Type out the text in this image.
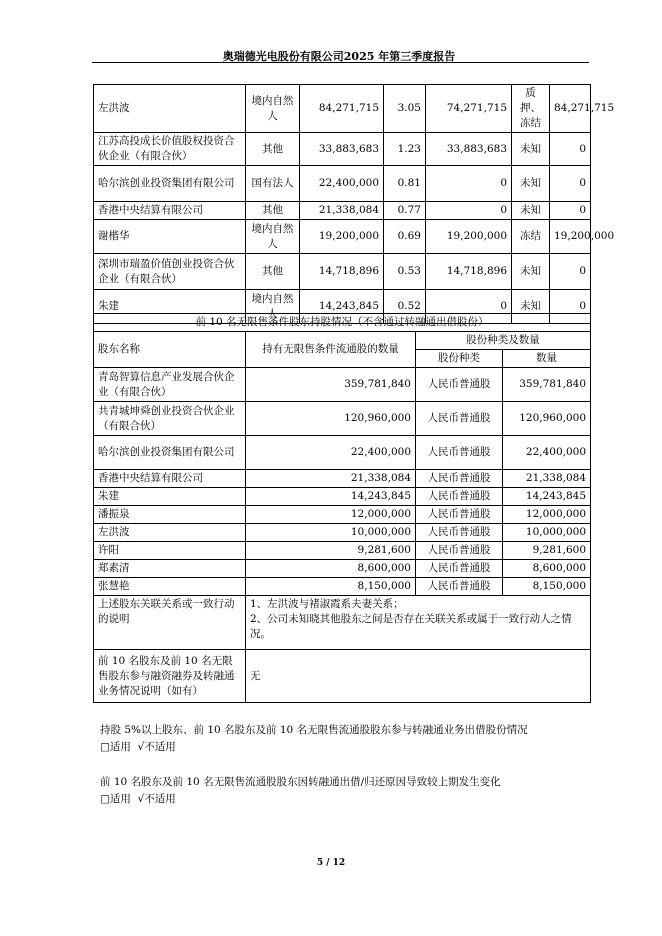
奥瑞德光电股份有限公司2025 年第三季度报告
左洪波	境内自然人	84,271,715	3.05	74,271,715	质押、冻结	84,271,715
江苏高投成长价值股权投资合伙企业（有限合伙）	其他	33,883,683	1.23	33,883,683	未知	0
哈尔滨创业投资集团有限公司	国有法人	22,400,000	0.81	0	未知	0
香港中央结算有限公司	其他	21,338,084	0.77	0	未知	0
谢楷华	境内自然人	19,200,000	0.69	19,200,000	冻结	19,200,000
深圳市瑞盈价值创业投资合伙企业（有限合伙）	其他	14,718,896	0.53	14,718,896	未知	0
朱建	境内自然人	14,243,845	0.52	0	未知	0
前 10 名无限售条件股东持股情况（不含通过转融通出借股份）			
股东名称	持有无限售条件流通股的数量	股份种类及数量	
		股份种类	数量
青岛智算信息产业发展合伙企业（有限合伙）	359,781,840	人民币普通股	359,781,840
共青城坤舜创业投资合伙企业（有限合伙）	120,960,000	人民币普通股	120,960,000
哈尔滨创业投资集团有限公司	22,400,000	人民币普通股	22,400,000
香港中央结算有限公司	21,338,084	人民币普通股	21,338,084
朱建	14,243,845	人民币普通股	14,243,845
潘振泉	12,000,000	人民币普通股	12,000,000
左洪波	10,000,000	人民币普通股	10,000,000
许阳	9,281,600	人民币普通股	9,281,600
郑素清	8,600,000	人民币普通股	8,600,000
张慧艳	8,150,000	人民币普通股	8,150,000
上述股东关联关系或一致行动的说明	1、左洪波与褚淑霞系夫妻关系；
2、公司未知晓其他股东之间是否存在关联关系或属于一致行动人之情况。		

前 10 名股东及前 10 名无限售股东参与融资融券及转融通业务情况说明（如有）	无		
持股 5%以上股东、前 10 名股东及前 10 名无限售流通股股东参与转融通业务出借股份情况
□适用 √不适用
前 10 名股东及前 10 名无限售流通股股东因转融通出借/归还原因导致较上期发生变化
□适用 √不适用
5 / 12
